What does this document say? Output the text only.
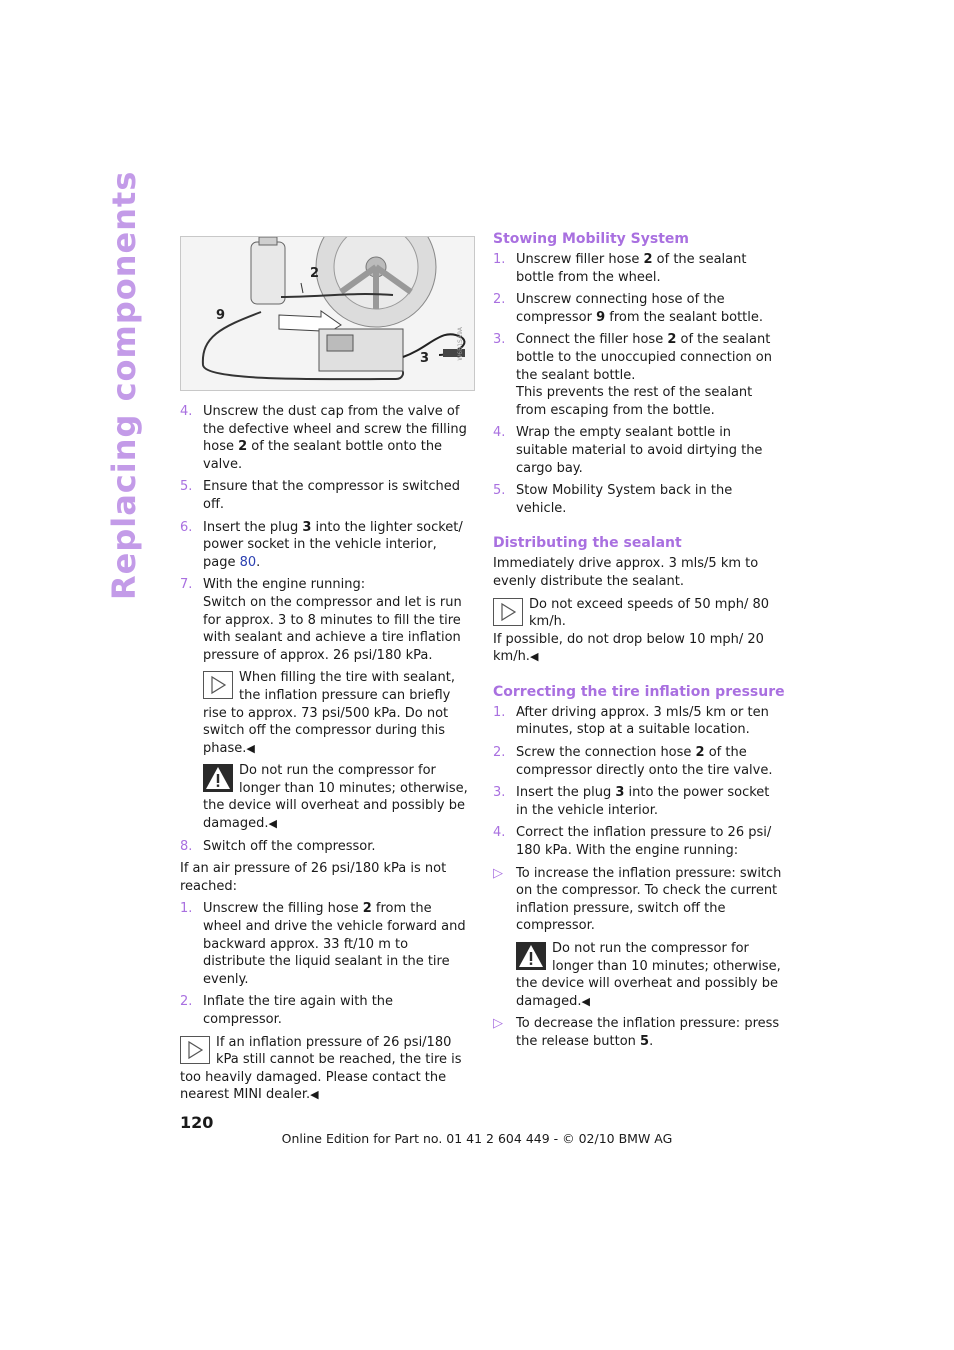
Replacing components	2
9
3	W6B1SA9A
4. Unscrew the dust cap from the valve of the defective wheel and screw the filling hose 2 of the sealant bottle onto the valve.
5. Ensure that the compressor is switched off.
6. Insert the plug 3 into the lighter socket/ power socket in the vehicle interior, page 80.
7. With the engine running:
Switch on the compressor and let is run for approx. 3 to 8 minutes to fill the tire with sealant and achieve a tire inflation pressure of approx. 26 psi/180 kPa.
When filling the tire with sealant, the inflation pressure can briefly rise to approx. 73 psi/500 kPa. Do not switch off the compressor during this phase.◀
Do not run the compressor for longer than 10 minutes; otherwise, the device will overheat and possibly be damaged.◀
8. Switch off the compressor.

If an air pressure of 26 psi/180 kPa is not reached:

1. Unscrew the filling hose 2 from the wheel and drive the vehicle forward and backward approx. 33 ft/10 m to distribute the liquid sealant in the tire evenly.
2. Inflate the tire again with the compressor.
If an inflation pressure of 26 psi/180 kPa still cannot be reached, the tire is too heavily damaged. Please contact the nearest MINI dealer.◀
Stowing Mobility System
1. Unscrew filler hose 2 of the sealant bottle from the wheel.
2. Unscrew connecting hose of the compressor 9 from the sealant bottle.
3. Connect the filler hose 2 of the sealant bottle to the unoccupied connection on the sealant bottle.
This prevents the rest of the sealant from escaping from the bottle.
4. Wrap the empty sealant bottle in suitable material to avoid dirtying the cargo bay.
5. Stow Mobility System back in the vehicle.
Distributing the sealant

Immediately drive approx. 3 mls/5 km to evenly distribute the sealant.

Do not exceed speeds of 50 mph/ 80 km/h.
If possible, do not drop below 10 mph/ 20 km/h.◀
Correcting the tire inflation pressure
1. After driving approx. 3 mls/5 km or ten minutes, stop at a suitable location.
2. Screw the connection hose 2 of the compressor directly onto the tire valve.
3. Insert the plug 3 into the power socket in the vehicle interior.
4. Correct the inflation pressure to 26 psi/ 180 kPa. With the engine running:
▷	To increase the inflation pressure: switch on the compressor. To check the current inflation pressure, switch off the compressor.
Do not run the compressor for longer than 10 minutes; otherwise, the device will overheat and possibly be damaged.◀
▷	To decrease the inflation pressure: press the release button 5.
120
Online Edition for Part no. 01 41 2 604 449 - © 02/10 BMW AG
